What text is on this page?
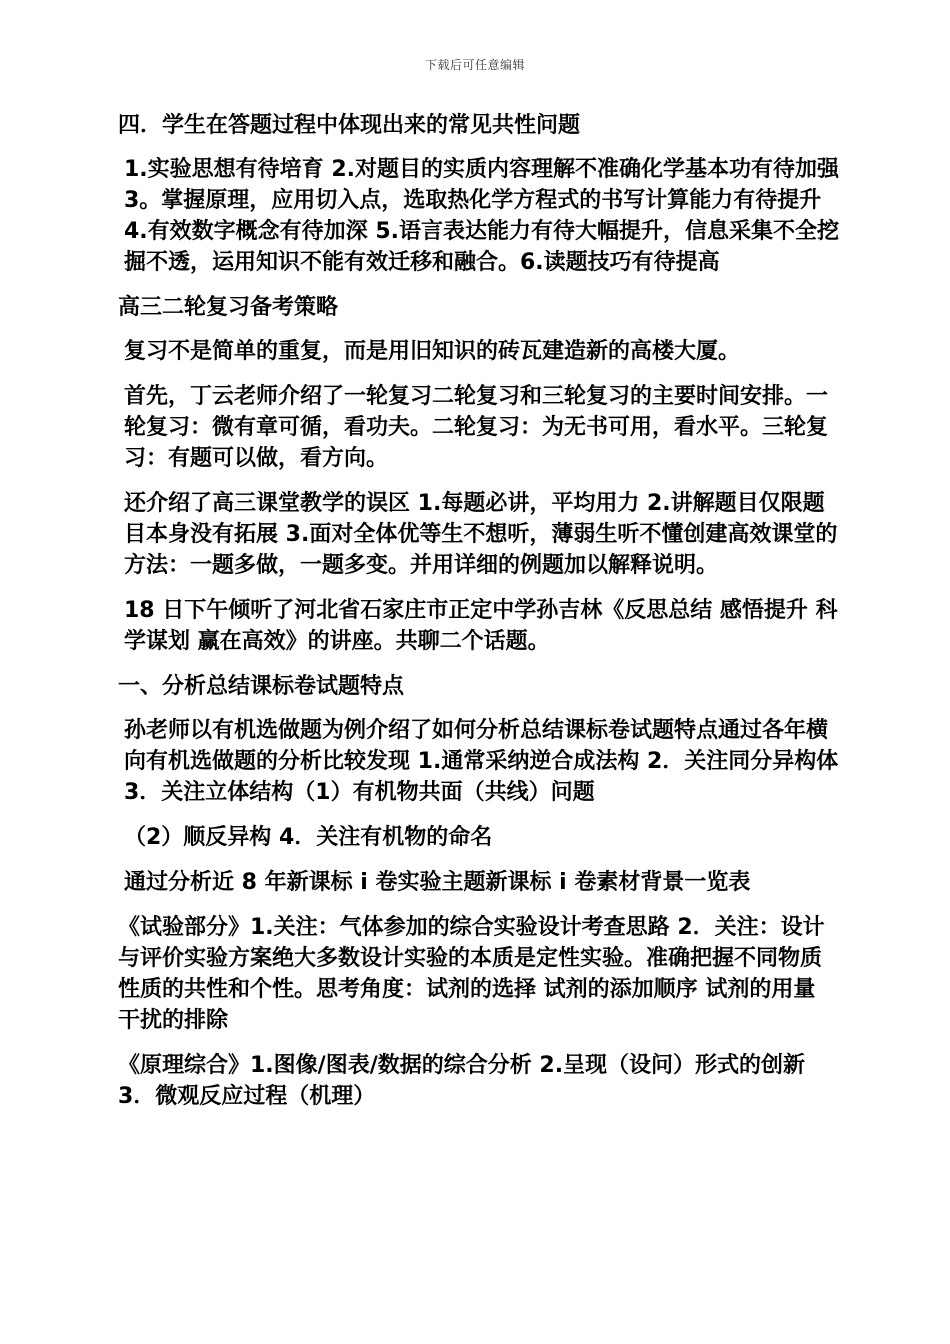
下载后可任意编辑

四．学生在答题过程中体现出来的常见共性问题

1.实验思想有待培育 2.对题目的实质内容理解不准确化学基本功有待加强 3。掌握原理，应用切入点，选取热化学方程式的书写计算能力有待提升 4.有效数字概念有待加深 5.语言表达能力有待大幅提升，信息采集不全挖掘不透，运用知识不能有效迁移和融合。6.读题技巧有待提高

高三二轮复习备考策略

复习不是简单的重复，而是用旧知识的砖瓦建造新的高楼大厦。

首先，丁云老师介绍了一轮复习二轮复习和三轮复习的主要时间安排。一轮复习：微有章可循，看功夫。二轮复习：为无书可用，看水平。三轮复习：有题可以做，看方向。

还介绍了高三课堂教学的误区 1.每题必讲，平均用力 2.讲解题目仅限题目本身没有拓展 3.面对全体优等生不想听，薄弱生听不懂创建高效课堂的方法：一题多做，一题多变。并用详细的例题加以解释说明。

18 日下午倾听了河北省石家庄市正定中学孙吉林《反思总结 感悟提升 科学谋划 赢在高效》的讲座。共聊二个话题。

一、分析总结课标卷试题特点

孙老师以有机选做题为例介绍了如何分析总结课标卷试题特点通过各年横向有机选做题的分析比较发现 1.通常采纳逆合成法构 2．关注同分异构体 3．关注立体结构（1）有机物共面（共线）问题

（2）顺反异构 4．关注有机物的命名

通过分析近 8 年新课标 i 卷实验主题新课标 i 卷素材背景一览表

《试验部分》1.关注：气体参加的综合实验设计考查思路 2．关注：设计与评价实验方案绝大多数设计实验的本质是定性实验。准确把握不同物质性质的共性和个性。思考角度：试剂的选择 试剂的添加顺序 试剂的用量 干扰的排除

《原理综合》1.图像/图表/数据的综合分析 2.呈现（设问）形式的创新 3．微观反应过程（机理）
